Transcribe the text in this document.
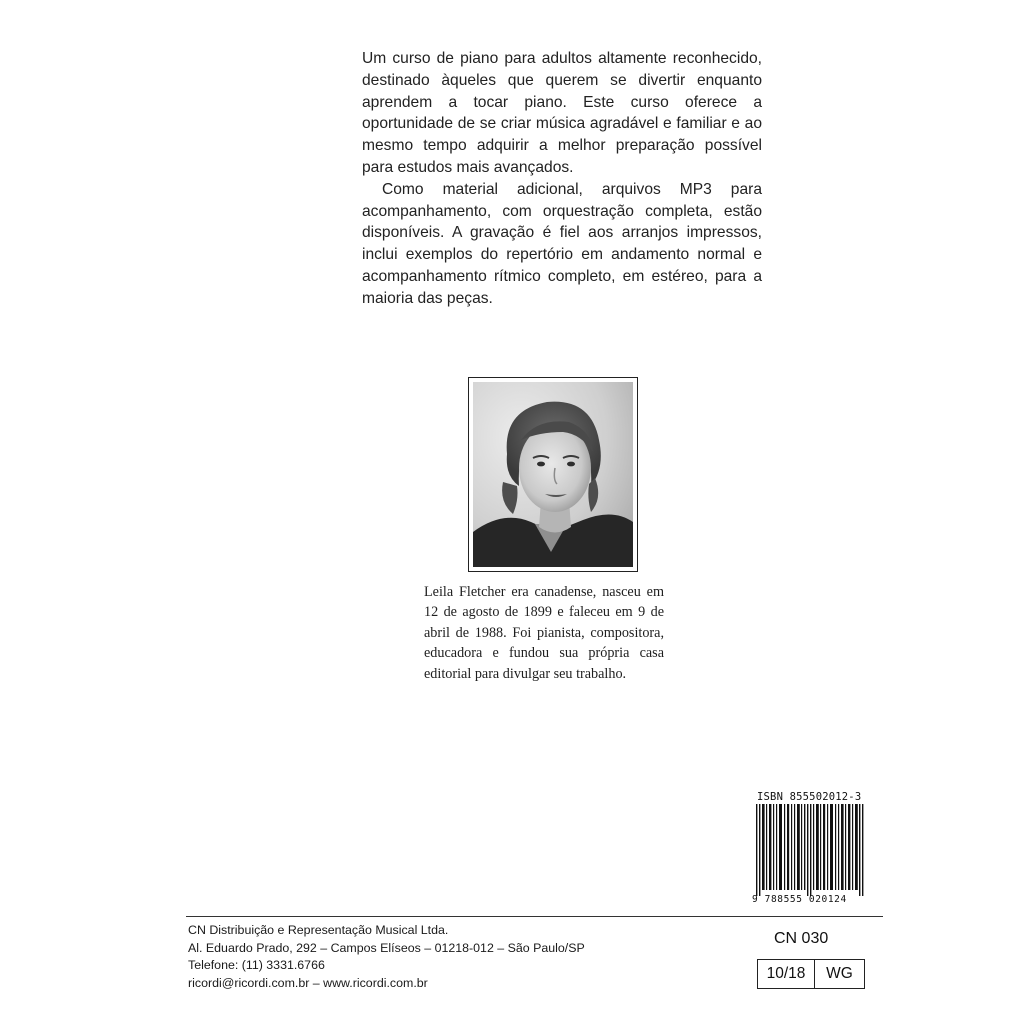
Um curso de piano para adultos altamente reconhecido, destinado àqueles que querem se divertir enquanto aprendem a tocar piano. Este curso oferece a oportunidade de se criar música agradável e familiar e ao mesmo tempo adquirir a melhor preparação possível para estudos mais avançados.

Como material adicional, arquivos MP3 para acompanhamento, com orquestração completa, estão disponíveis. A gravação é fiel aos arranjos impressos, inclui exemplos do repertório em andamento normal e acompanhamento rítmico completo, em estéreo, para a maioria das peças.

Leila Fletcher era canadense, nasceu em 12 de agosto de 1899 e faleceu em 9 de abril de 1988. Foi pianista, compositora, educadora e fundou sua própria casa editorial para divulgar seu trabalho.

ISBN 855502012-3
9 788555 020124
CN Distribuição e Representação Musical Ltda.
Al. Eduardo Prado, 292 – Campos Elíseos – 01218-012 – São Paulo/SP
Telefone: (11) 3331.6766
ricordi@ricordi.com.br – www.ricordi.com.br
CN 030
10/18	WG
